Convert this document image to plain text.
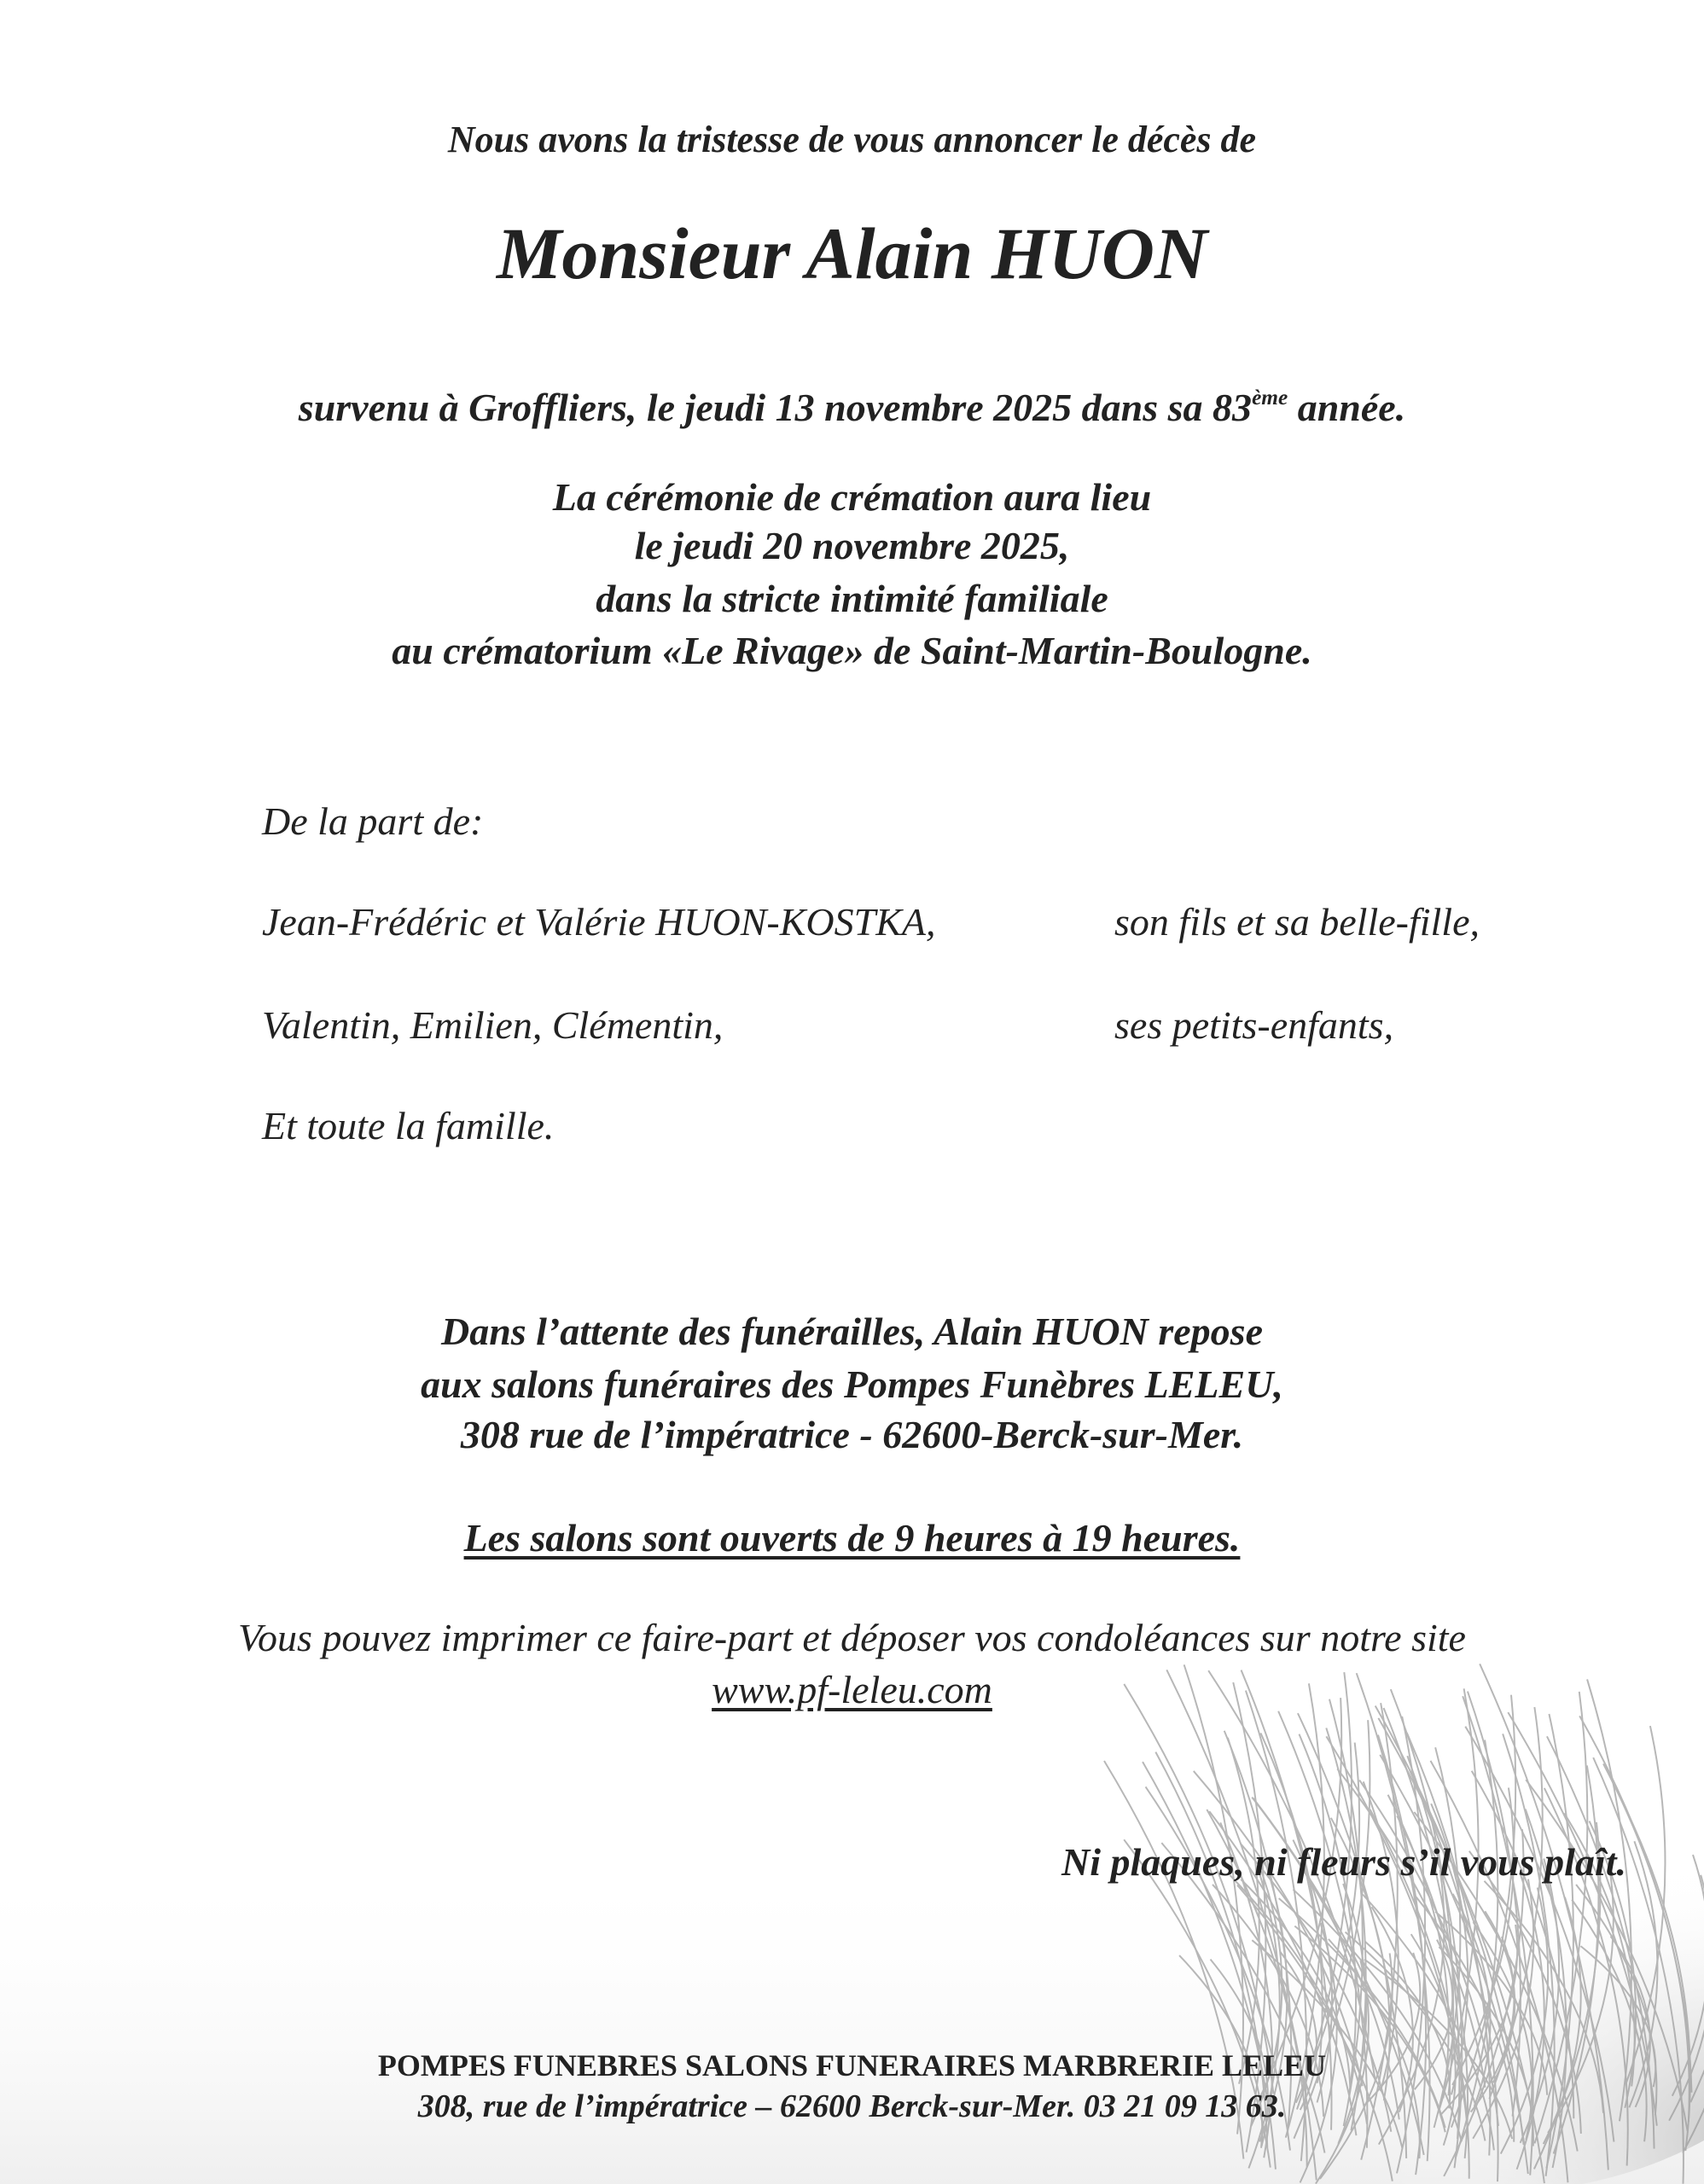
Nous avons la tristesse de vous annoncer le décès de
Monsieur Alain HUON
survenu à Groffliers, le jeudi 13 novembre 2025 dans sa 83ème année.
La cérémonie de crémation aura lieu
le jeudi 20 novembre 2025,
dans la stricte intimité familiale
au crématorium «Le Rivage» de Saint-Martin-Boulogne.
De la part de:
Jean-Frédéric et Valérie HUON-KOSTKA,	son fils et sa belle-fille,
Valentin, Emilien, Clémentin,	ses petits-enfants,
Et toute la famille.
Dans l’attente des funérailles, Alain HUON repose
aux salons funéraires des Pompes Funèbres LELEU,
308 rue de l’impératrice - 62600-Berck-sur-Mer.
Les salons sont ouverts de 9 heures à 19 heures.
Vous pouvez imprimer ce faire-part et déposer vos condoléances sur notre site
www.pf-leleu.com
Ni plaques, ni fleurs s’il vous plaît.
POMPES FUNEBRES SALONS FUNERAIRES MARBRERIE LELEU
308, rue de l’impératrice – 62600 Berck-sur-Mer. 03 21 09 13 63.
